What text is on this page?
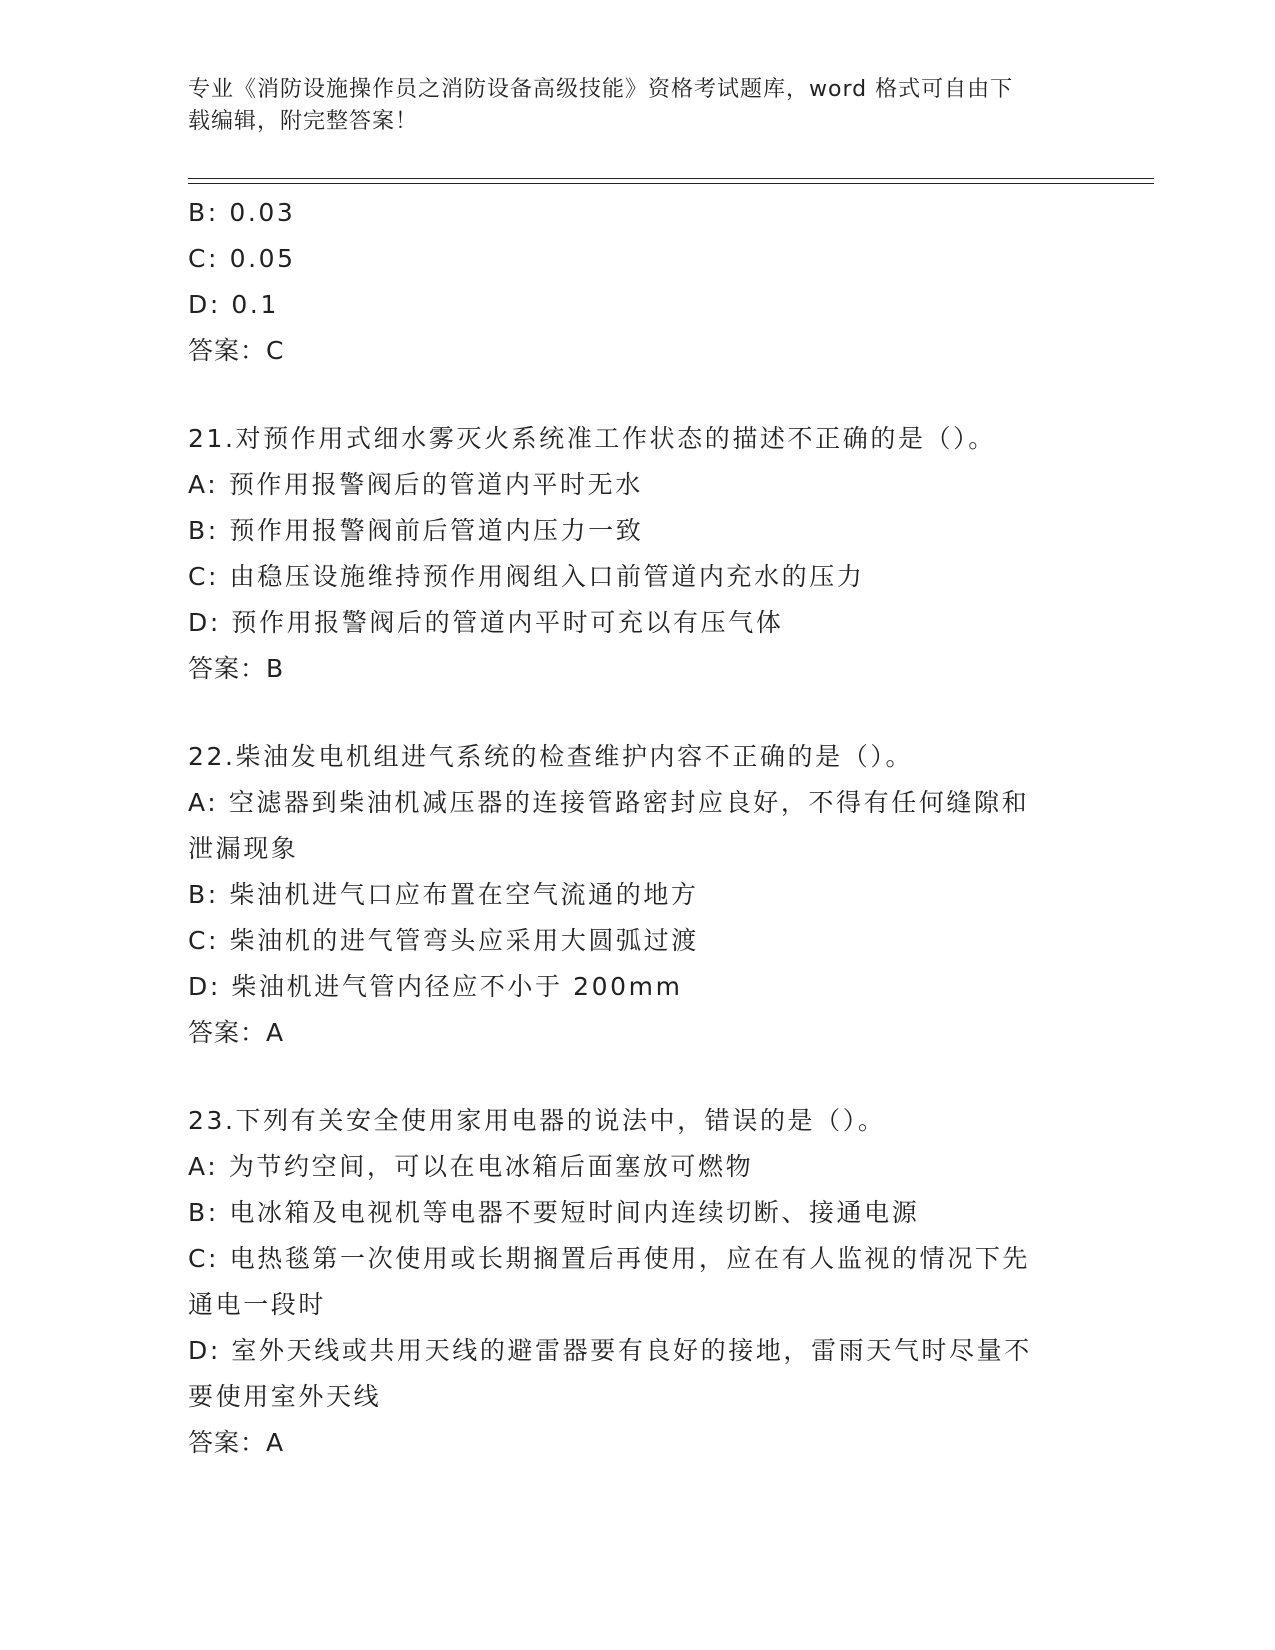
专业《消防设施操作员之消防设备高级技能》资格考试题库，word 格式可自由下
载编辑，附完整答案！

B: 0.03

C: 0.05

D: 0.1

答案：C

21.对预作用式细水雾灭火系统准工作状态的描述不正确的是（）。

A: 预作用报警阀后的管道内平时无水

B: 预作用报警阀前后管道内压力一致

C: 由稳压设施维持预作用阀组入口前管道内充水的压力

D: 预作用报警阀后的管道内平时可充以有压气体

答案：B

22.柴油发电机组进气系统的检查维护内容不正确的是（）。

A: 空滤器到柴油机减压器的连接管路密封应良好，不得有任何缝隙和

泄漏现象

B: 柴油机进气口应布置在空气流通的地方

C: 柴油机的进气管弯头应采用大圆弧过渡

D: 柴油机进气管内径应不小于 200mm

答案：A

23.下列有关安全使用家用电器的说法中，错误的是（）。

A: 为节约空间，可以在电冰箱后面塞放可燃物

B: 电冰箱及电视机等电器不要短时间内连续切断、接通电源

C: 电热毯第一次使用或长期搁置后再使用，应在有人监视的情况下先

通电一段时

D: 室外天线或共用天线的避雷器要有良好的接地，雷雨天气时尽量不

要使用室外天线

答案：A
